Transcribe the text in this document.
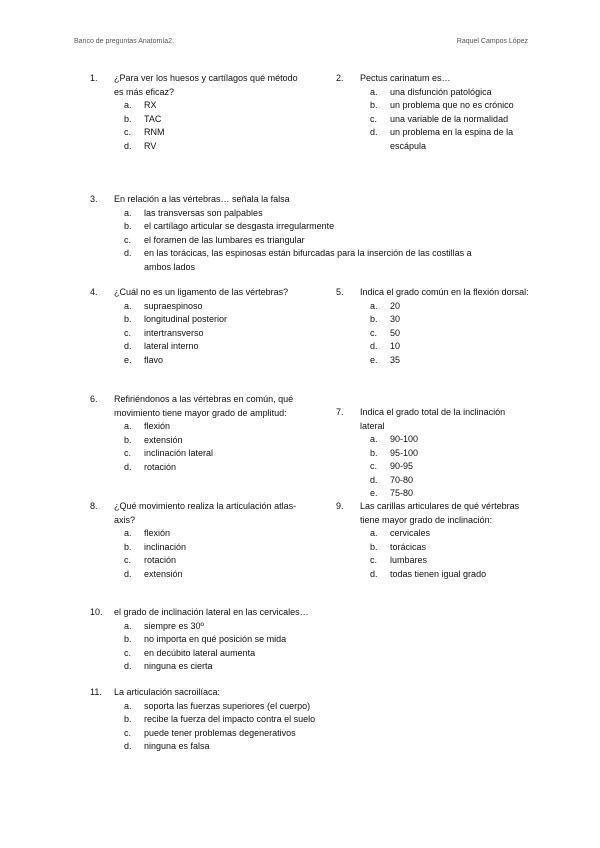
Banco de preguntas Anatomía2.	Raquel Campos López
1.	¿Para ver los huesos y cartílagos qué método es más eficaz?
a.	RX
b.	TAC
c.	RNM
d.	RV
2.	Pectus carinatum es…
a.	una disfunción patológica
b.	un problema que no es crónico
c.	una variable de la normalidad
d.	un problema en la espina de la escápula
3.	En relación a las vértebras… señala la falsa
a.	las transversas son palpables
b.	el cartílago articular se desgasta irregularmente
c.	el foramen de las lumbares es triangular
d.	en las torácicas, las espinosas están bifurcadas para la inserción de las costillas a ambos lados
4.	¿Cuál no es un ligamento de las vértebras?
a.	supraespinoso
b.	longitudinal posterior
c.	intertransverso
d.	lateral interno
e.	flavo
5.	Indica el grado común en la flexión dorsal:
a.	20
b.	30
c.	50
d.	10
e.	35
6.	Refiriéndonos a las vértebras en común, qué movimiento tiene mayor grado de amplitud:
a.	flexión
b.	extensión
c.	inclinación lateral
d.	rotación
7.	Indica el grado total de la inclinación lateral
a.	90-100
b.	95-100
c.	90-95
d.	70-80
e.	75-80
8.	¿Qué movimiento realiza la articulación atlas- axis?
a.	flexión
b.	inclinación
c.	rotación
d.	extensión
9.	Las carillas articulares de qué vértebras tiene mayor grado de inclinación:
a.	cervicales
b.	torácicas
c.	lumbares
d.	todas tienen igual grado
10.	el grado de inclinación lateral en las cervicales…
a.	siempre es 30º
b.	no importa en qué posición se mida
c.	en decúbito lateral aumenta
d.	ninguna es cierta
11.	La articulación sacroilíaca:
a.	soporta las fuerzas superiores (el cuerpo)
b.	recibe la fuerza del impacto contra el suelo
c.	puede tener problemas degenerativos
d.	ninguna es falsa
